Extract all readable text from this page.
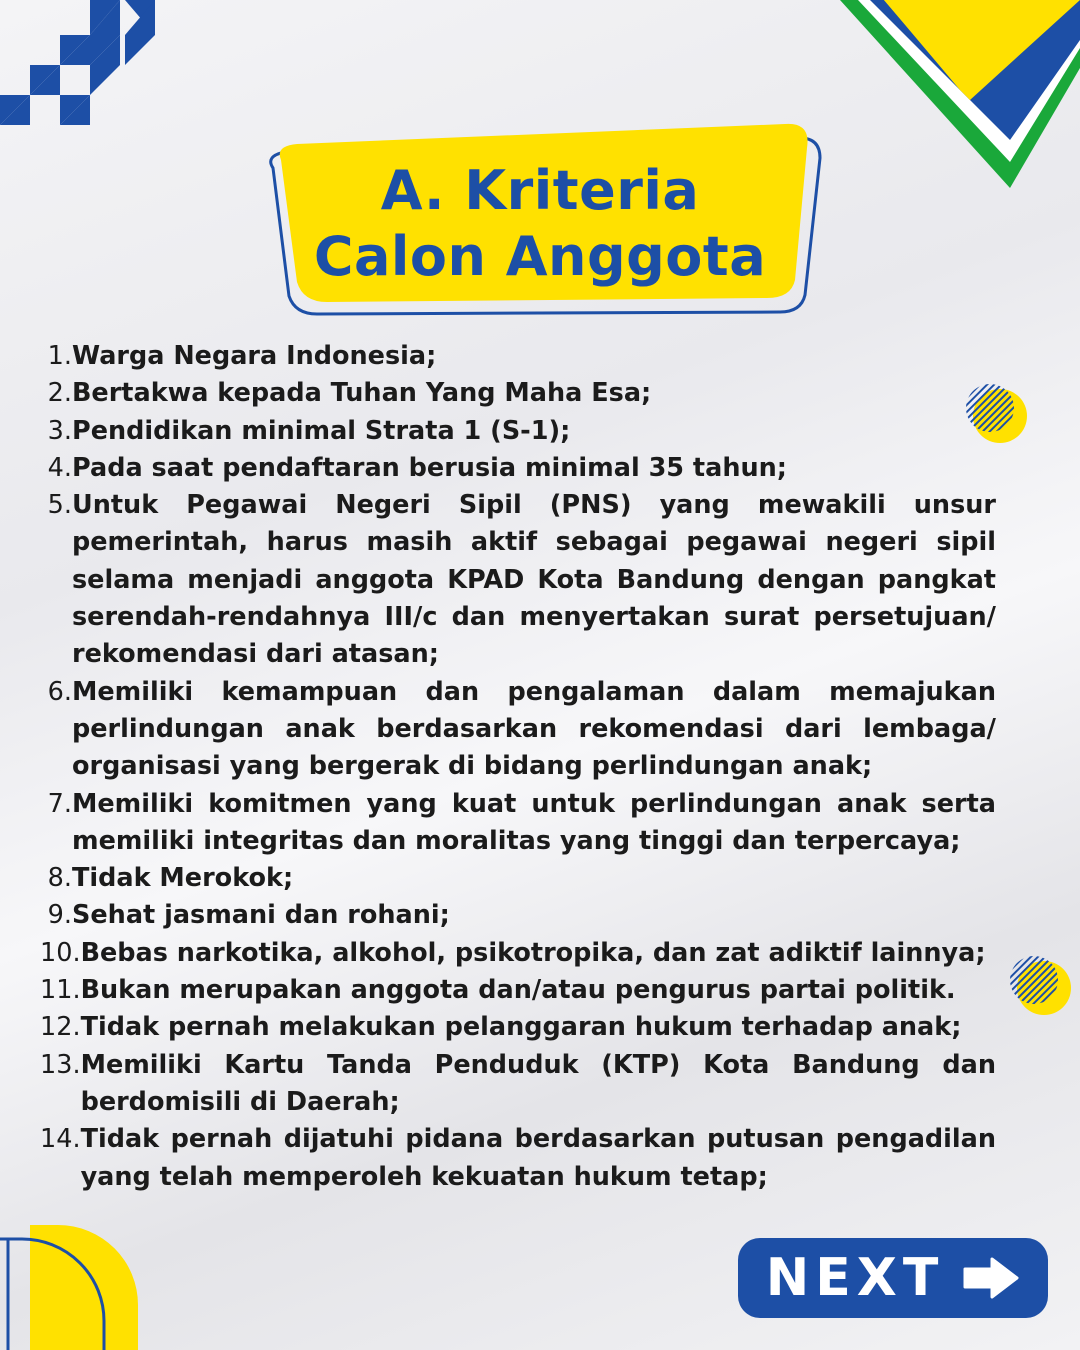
A. Kriteria
Calon Anggota
1. Warga Negara Indonesia;
2. Bertakwa kepada Tuhan Yang Maha Esa;
3. Pendidikan minimal Strata 1 (S-1);
4. Pada saat pendaftaran berusia minimal 35 tahun;
5. Untuk Pegawai Negeri Sipil (PNS) yang mewakili unsur pemerintah, harus masih aktif sebagai pegawai negeri sipil selama menjadi anggota KPAD Kota Bandung dengan pangkat serendah-rendahnya III/c dan menyertakan surat persetujuan/ rekomendasi dari atasan;
6. Memiliki kemampuan dan pengalaman dalam memajukan perlindungan anak berdasarkan rekomendasi dari lembaga/ organisasi yang bergerak di bidang perlindungan anak;
7. Memiliki komitmen yang kuat untuk perlindungan anak serta memiliki integritas dan moralitas yang tinggi dan terpercaya;
8. Tidak Merokok;
9. Sehat jasmani dan rohani;
10. Bebas narkotika, alkohol, psikotropika, dan zat adiktif lainnya;
11. Bukan merupakan anggota dan/atau pengurus partai politik.
12. Tidak pernah melakukan pelanggaran hukum terhadap anak;
13. Memiliki Kartu Tanda Penduduk (KTP) Kota Bandung dan berdomisili di Daerah;
14. Tidak pernah dijatuhi pidana berdasarkan putusan pengadilan yang telah memperoleh kekuatan hukum tetap;
NEXT
